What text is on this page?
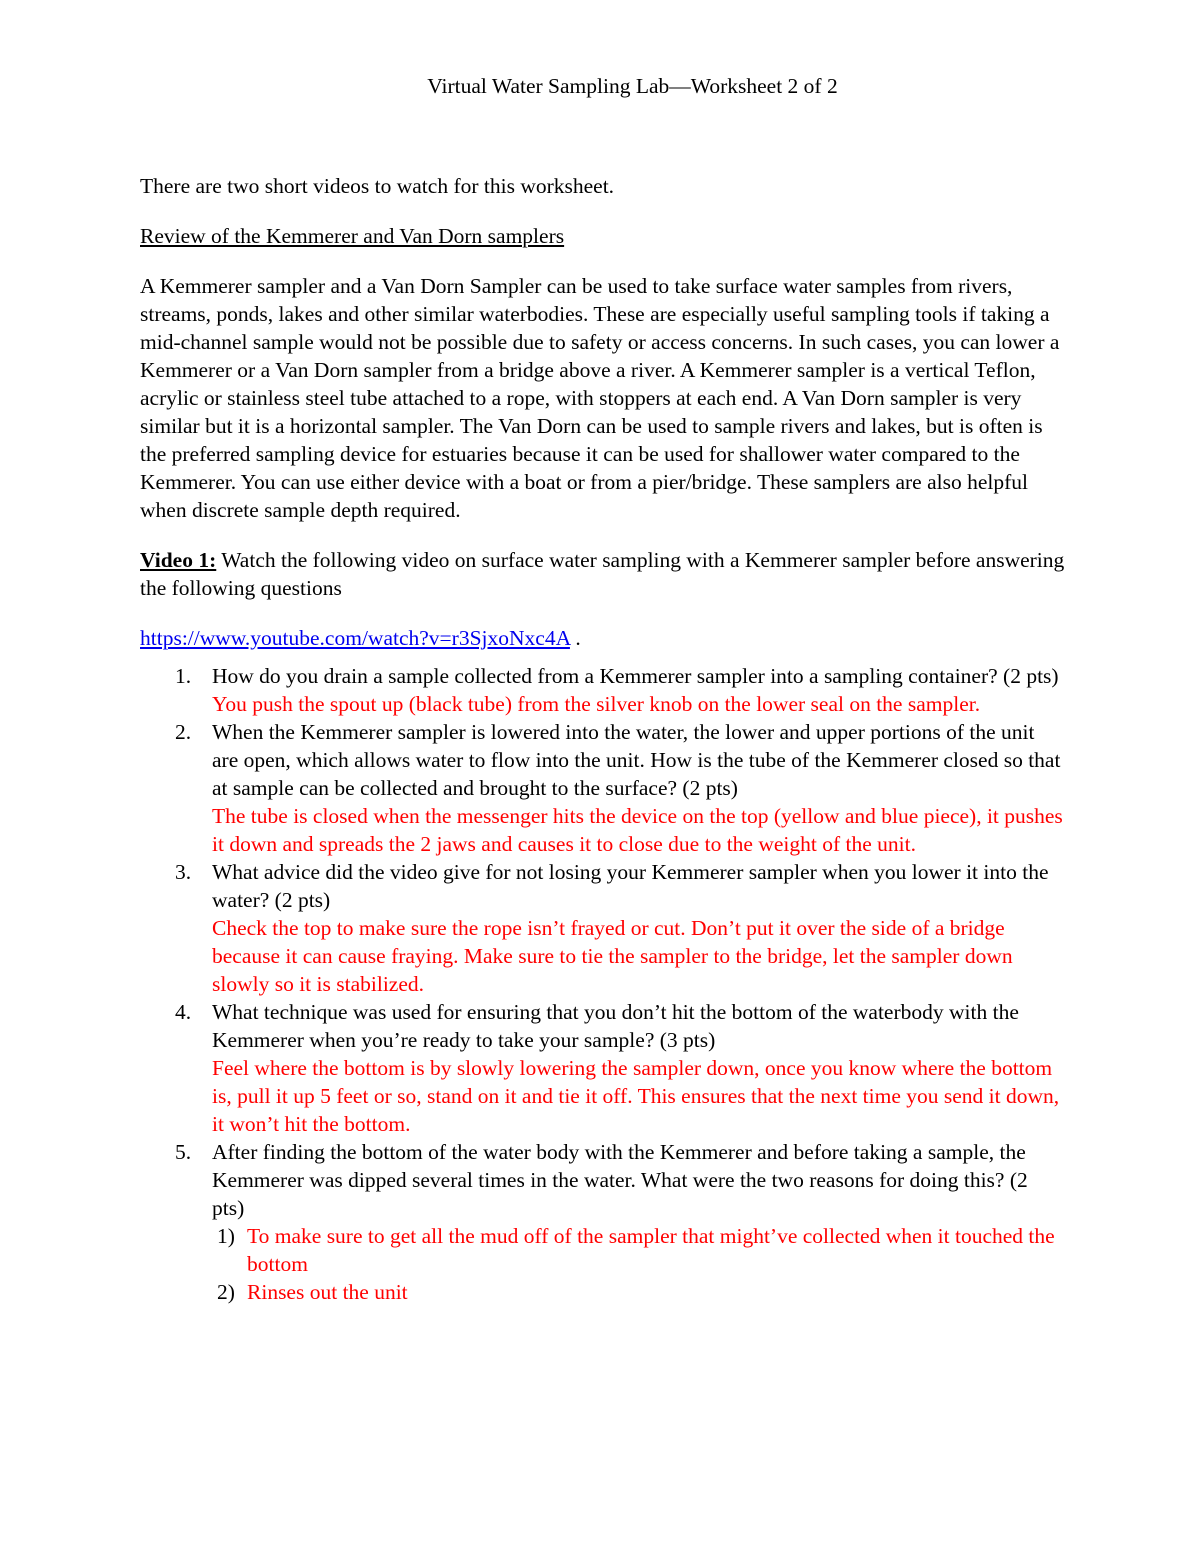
Virtual Water Sampling Lab—Worksheet 2 of 2

There are two short videos to watch for this worksheet.

Review of the Kemmerer and Van Dorn samplers

A Kemmerer sampler and a Van Dorn Sampler can be used to take surface water samples from rivers, streams, ponds, lakes and other similar waterbodies. These are especially useful sampling tools if taking a mid-channel sample would not be possible due to safety or access concerns. In such cases, you can lower a Kemmerer or a Van Dorn sampler from a bridge above a river. A Kemmerer sampler is a vertical Teflon, acrylic or stainless steel tube attached to a rope, with stoppers at each end. A Van Dorn sampler is very similar but it is a horizontal sampler. The Van Dorn can be used to sample rivers and lakes, but is often is the preferred sampling device for estuaries because it can be used for shallower water compared to the Kemmerer. You can use either device with a boat or from a pier/bridge. These samplers are also helpful when discrete sample depth required.

Video 1: Watch the following video on surface water sampling with a Kemmerer sampler before answering the following questions

https://www.youtube.com/watch?v=r3SjxoNxc4A .

1. How do you drain a sample collected from a Kemmerer sampler into a sampling container? (2 pts)
You push the spout up (black tube) from the silver knob on the lower seal on the sampler.
2. When the Kemmerer sampler is lowered into the water, the lower and upper portions of the unit are open, which allows water to flow into the unit. How is the tube of the Kemmerer closed so that at sample can be collected and brought to the surface? (2 pts)
The tube is closed when the messenger hits the device on the top (yellow and blue piece), it pushes it down and spreads the 2 jaws and causes it to close due to the weight of the unit.
3. What advice did the video give for not losing your Kemmerer sampler when you lower it into the water? (2 pts)
Check the top to make sure the rope isn’t frayed or cut. Don’t put it over the side of a bridge because it can cause fraying. Make sure to tie the sampler to the bridge, let the sampler down slowly so it is stabilized.
4. What technique was used for ensuring that you don’t hit the bottom of the waterbody with the Kemmerer when you’re ready to take your sample? (3 pts)
Feel where the bottom is by slowly lowering the sampler down, once you know where the bottom is, pull it up 5 feet or so, stand on it and tie it off. This ensures that the next time you send it down, it won’t hit the bottom.
5. After finding the bottom of the water body with the Kemmerer and before taking a sample, the Kemmerer was dipped several times in the water. What were the two reasons for doing this? (2 pts)
1) To make sure to get all the mud off of the sampler that might’ve collected when it touched the bottom
2) Rinses out the unit
